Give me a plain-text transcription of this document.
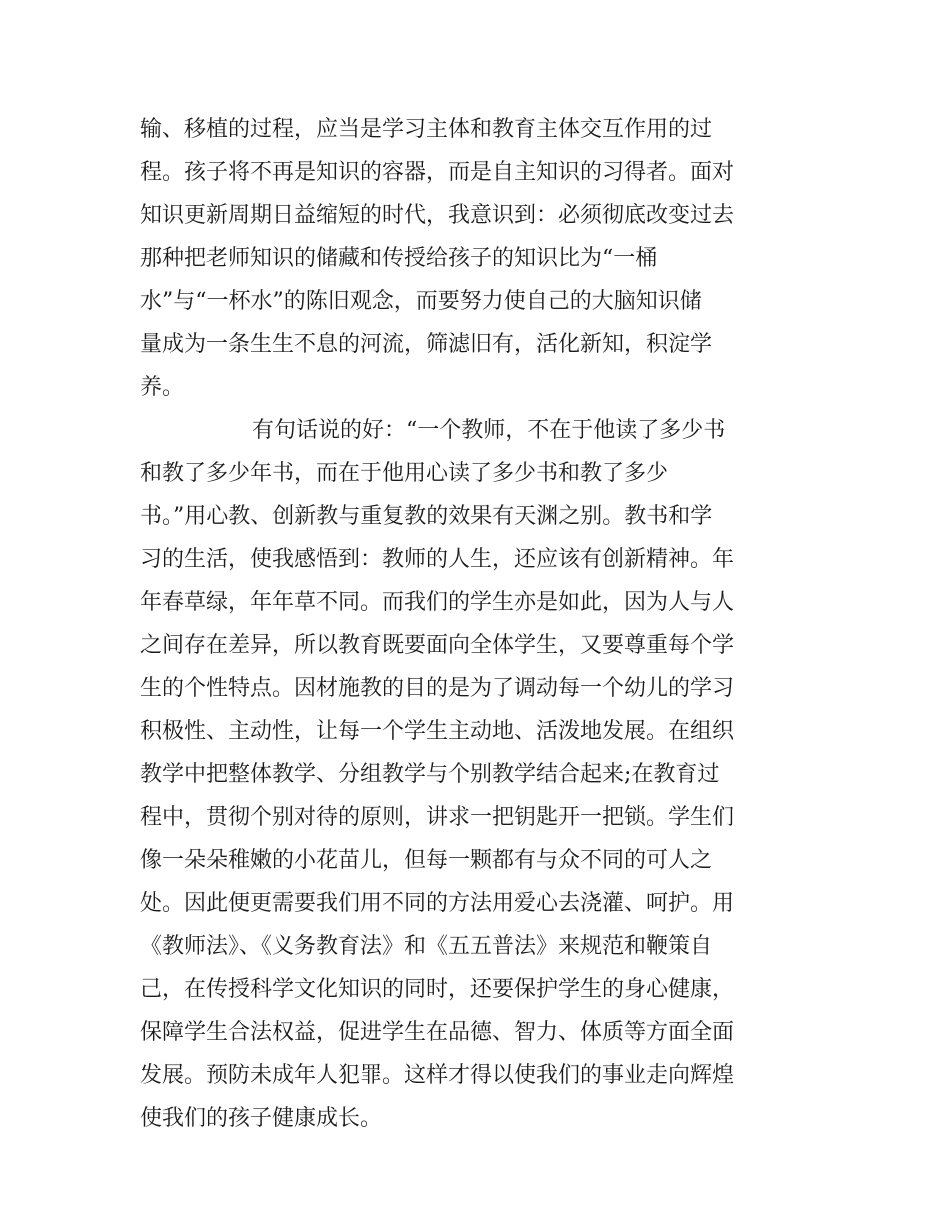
输、移植的过程，应当是学习主体和教育主体交互作用的过
程。孩子将不再是知识的容器，而是自主知识的习得者。面对
知识更新周期日益缩短的时代，我意识到：必须彻底改变过去
那种把老师知识的储藏和传授给孩子的知识比为“一桶
水”与“一杯水”的陈旧观念，而要努力使自己的大脑知识储
量成为一条生生不息的河流，筛滤旧有，活化新知，积淀学
养。
有句话说的好：“一个教师，不在于他读了多少书
和教了多少年书，而在于他用心读了多少书和教了多少
书。”用心教、创新教与重复教的效果有天渊之别。教书和学
习的生活，使我感悟到：教师的人生，还应该有创新精神。年
年春草绿，年年草不同。而我们的学生亦是如此，因为人与人
之间存在差异，所以教育既要面向全体学生，又要尊重每个学
生的个性特点。因材施教的目的是为了调动每一个幼儿的学习
积极性、主动性，让每一个学生主动地、活泼地发展。在组织
教学中把整体教学、分组教学与个别教学结合起来;在教育过
程中，贯彻个别对待的原则，讲求一把钥匙开一把锁。学生们
像一朵朵稚嫩的小花苗儿，但每一颗都有与众不同的可人之
处。因此便更需要我们用不同的方法用爱心去浇灌、呵护。用
《教师法》、《义务教育法》和《五五普法》来规范和鞭策自
己，在传授科学文化知识的同时，还要保护学生的身心健康，
保障学生合法权益，促进学生在品德、智力、体质等方面全面
发展。预防未成年人犯罪。这样才得以使我们的事业走向辉煌
使我们的孩子健康成长。
